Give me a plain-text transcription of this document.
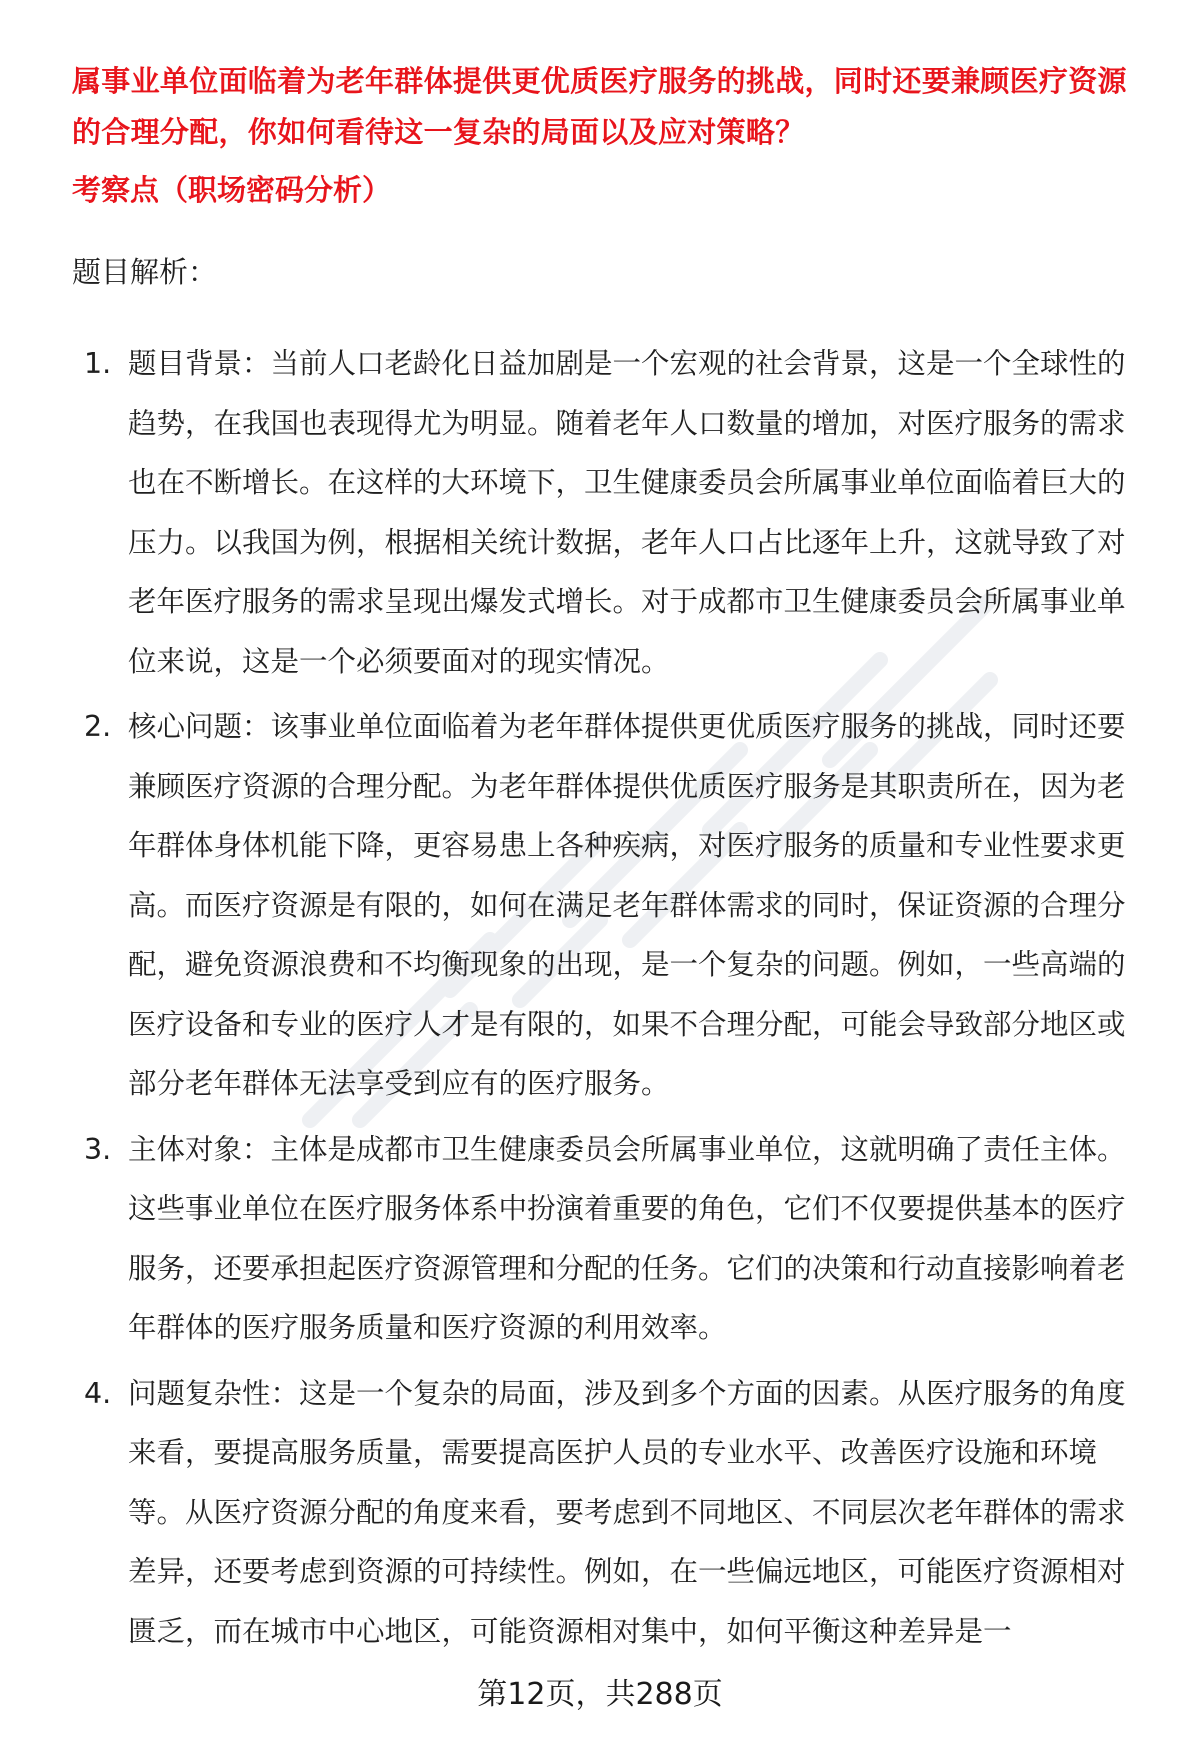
属事业单位面临着为老年群体提供更优质医疗服务的挑战，同时还要兼顾医疗资源的合理分配，你如何看待这一复杂的局面以及应对策略？
考察点（职场密码分析）
题目解析：
1. 题目背景：当前人口老龄化日益加剧是一个宏观的社会背景，这是一个全球性的趋势，在我国也表现得尤为明显。随着老年人口数量的增加，对医疗服务的需求也在不断增长。在这样的大环境下，卫生健康委员会所属事业单位面临着巨大的压力。以我国为例，根据相关统计数据，老年人口占比逐年上升，这就导致了对老年医疗服务的需求呈现出爆发式增长。对于成都市卫生健康委员会所属事业单位来说，这是一个必须要面对的现实情况。
2. 核心问题：该事业单位面临着为老年群体提供更优质医疗服务的挑战，同时还要兼顾医疗资源的合理分配。为老年群体提供优质医疗服务是其职责所在，因为老年群体身体机能下降，更容易患上各种疾病，对医疗服务的质量和专业性要求更高。而医疗资源是有限的，如何在满足老年群体需求的同时，保证资源的合理分配，避免资源浪费和不均衡现象的出现，是一个复杂的问题。例如，一些高端的医疗设备和专业的医疗人才是有限的，如果不合理分配，可能会导致部分地区或部分老年群体无法享受到应有的医疗服务。
3. 主体对象：主体是成都市卫生健康委员会所属事业单位，这就明确了责任主体。这些事业单位在医疗服务体系中扮演着重要的角色，它们不仅要提供基本的医疗服务，还要承担起医疗资源管理和分配的任务。它们的决策和行动直接影响着老年群体的医疗服务质量和医疗资源的利用效率。
4. 问题复杂性：这是一个复杂的局面，涉及到多个方面的因素。从医疗服务的角度来看，要提高服务质量，需要提高医护人员的专业水平、改善医疗设施和环境等。从医疗资源分配的角度来看，要考虑到不同地区、不同层次老年群体的需求差异，还要考虑到资源的可持续性。例如，在一些偏远地区，可能医疗资源相对匮乏，而在城市中心地区，可能资源相对集中，如何平衡这种差异是一
第12页，共288页
